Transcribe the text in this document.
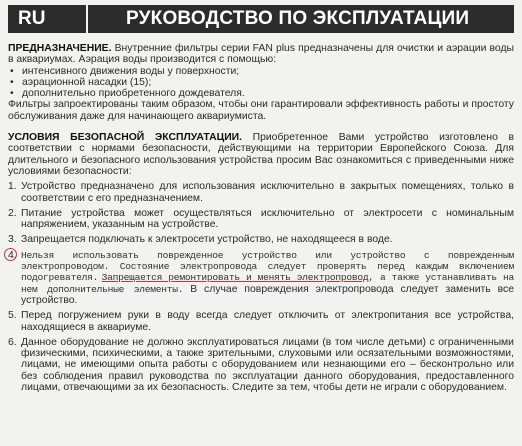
RU	РУКОВОДСТВО ПО ЭКСПЛУАТАЦИИ

ПРЕДНАЗНАЧЕНИЕ. Внутренние фильтры серии FAN plus предназначены для очистки и аэрации воды в аквариумах. Аэрация воды производится с помощью:

• интенсивного движения воды у поверхности;
• аэрационной насадки (15);
• дополнительно приобретенного дождевателя.

Фильтры запроектированы таким образом, чтобы они гарантировали эффективность работы и простоту обслуживания даже для начинающего аквариумиста.

УСЛОВИЯ БЕЗОПАСНОЙ ЭКСПЛУАТАЦИИ. Приобретенное Вами устройство изготовлено в соответствии с нормами безопасности, действующими на территории Европейского Союза. Для длительного и безопасного использования устройства просим Вас ознакомиться с приведенными ниже условиями безопасности:

1. Устройство предназначено для использования исключительно в закрытых помещениях, только в соответствии с его предназначением.
2. Питание устройства может осуществляться исключительно от электросети с номинальным напряжением, указанным на устройстве.
3. Запрещается подключать к электросети устройство, не находящееся в воде.
4. Нельзя использовать поврежденное устройство или устройство с поврежденным электропроводом. Состояние электропровода следует проверять перед каждым включением подогревателя. Запрещается ремонтировать и менять электропровод, а также устанавливать на нем дополнительные элементы. В случае повреждения электропровода следует заменить все устройство.
5. Перед погружением руки в воду всегда следует отключить от электропитания все устройства, находящиеся в аквариуме.
6. Данное оборудование не должно эксплуатироваться лицами (в том числе детьми) с ограниченными физическими, психическими, а также зрительными, слуховыми или осязательными возможностями, лицами, не имеющими опыта работы с оборудованием или незнающими его – бесконтрольно или без соблюдения правил руководства по эксплуатации данного оборудования, предоставленного лицами, отвечающими за их безопасность. Следите за тем, чтобы дети не играли с оборудованием.
